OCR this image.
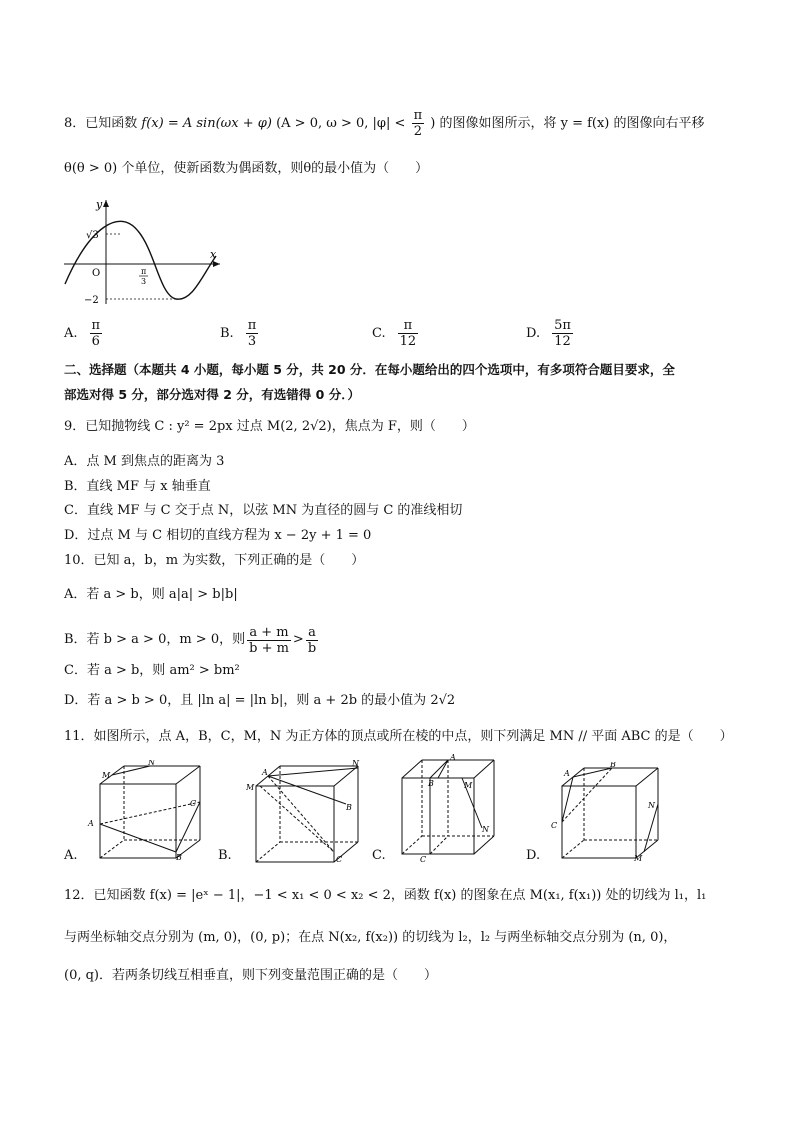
8．已知函数 f(x) = A sin(ωx + φ) (A > 0, ω > 0, $|\varphi| < \frac{\pi}{2}$ ) 的图像如图所示，将 y = f(x) 的图像向右平移
θ(θ > 0) 个单位，使新函数为偶函数，则θ的最小值为（　　）
y
x
√3
O	π
3
−2
A. $\frac{\pi}{6}$	B. $\frac{\pi}{3}$	C. $\frac{\pi}{12}$	D. $\frac{5\pi}{12}$
二、选择题（本题共 4 小题，每小题 5 分，共 20 分．在每小题给出的四个选项中，有多项符合题目要求，全
部选对得 5 分，部分选对得 2 分，有选错得 0 分．）
9．已知抛物线 C : y² = 2px 过点 M(2, 2√2)，焦点为 F，则（　　）
A．点 M 到焦点的距离为 3
B．直线 MF 与 x 轴垂直
C．直线 MF 与 C 交于点 N，以弦 MN 为直径的圆与 C 的准线相切
D．过点 M 与 C 相切的直线方程为 x − 2y + 1 = 0
10．已知 a，b，m 为实数，下列正确的是（　　）
A．若 a > b，则 a|a| > b|b|
B．若 b > a > 0，m > 0，则 $\frac{a + m}{b + m} > \frac{a}{b}$
C．若 a > b，则 am² > bm²
D．若 a > b > 0，且 |ln a| = |ln b|，则 a + 2b 的最小值为 2√2
11．如图所示，点 A，B，C，M，N 为正方体的顶点或所在棱的中点，则下列满足 MN // 平面 ABC 的是（　　）
M
N
A
C
B
A
M
N
B
C
B
A
M
N
C
A
B
C
N
M
A.	B.	C.	D.
12．已知函数 f(x) = |eˣ − 1|，−1 < x₁ < 0 < x₂ < 2，函数 f(x) 的图象在点 M(x₁, f(x₁)) 处的切线为 l₁，l₁
与两坐标轴交点分别为 (m, 0)，(0, p)；在点 N(x₂, f(x₂)) 的切线为 l₂，l₂ 与两坐标轴交点分别为 (n, 0)，
(0, q)．若两条切线互相垂直，则下列变量范围正确的是（　　）
